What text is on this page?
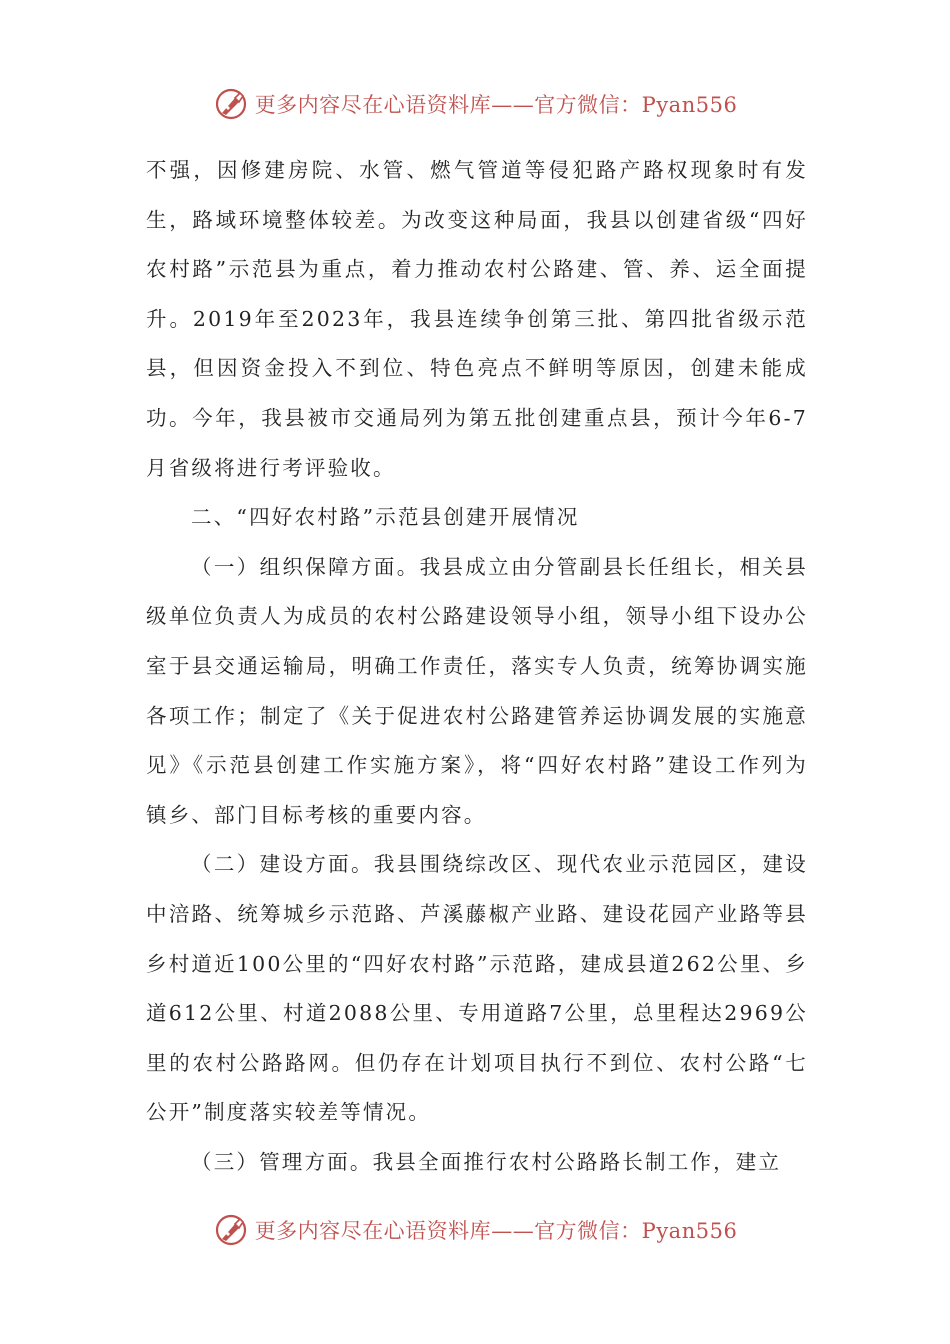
更多内容尽在心语资料库——官方微信：Pyan556

不强，因修建房院、水管、燃气管道等侵犯路产路权现象时有发生，路域环境整体较差。为改变这种局面，我县以创建省级“四好农村路”示范县为重点，着力推动农村公路建、管、养、运全面提升。2019年至2023年，我县连续争创第三批、第四批省级示范县，但因资金投入不到位、特色亮点不鲜明等原因，创建未能成功。今年，我县被市交通局列为第五批创建重点县，预计今年6-7月省级将进行考评验收。

二、“四好农村路”示范县创建开展情况

（一）组织保障方面。我县成立由分管副县长任组长，相关县级单位负责人为成员的农村公路建设领导小组，领导小组下设办公室于县交通运输局，明确工作责任，落实专人负责，统筹协调实施各项工作；制定了《关于促进农村公路建管养运协调发展的实施意见》《示范县创建工作实施方案》，将“四好农村路”建设工作列为镇乡、部门目标考核的重要内容。

（二）建设方面。我县围绕综改区、现代农业示范园区，建设中涪路、统筹城乡示范路、芦溪藤椒产业路、建设花园产业路等县乡村道近100公里的“四好农村路”示范路，建成县道262公里、乡道612公里、村道2088公里、专用道路7公里，总里程达2969公里的农村公路路网。但仍存在计划项目执行不到位、农村公路“七公开”制度落实较差等情况。

（三）管理方面。我县全面推行农村公路路长制工作，建立

更多内容尽在心语资料库——官方微信：Pyan556
